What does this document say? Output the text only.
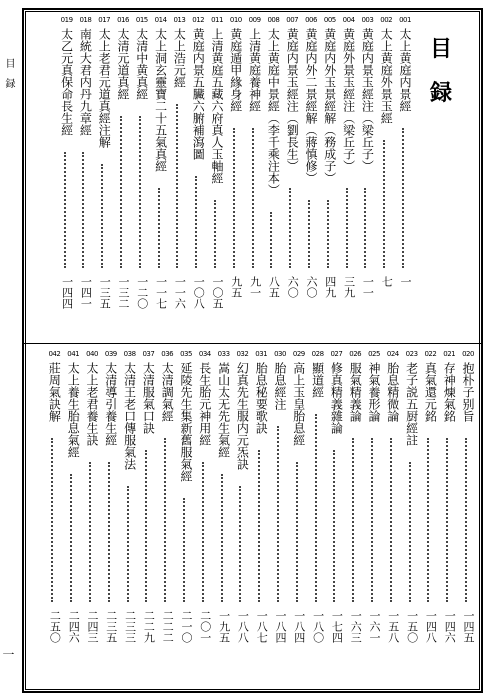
目録
一
目
録
001
太上黄庭内景經
一
002
太上黄庭外景玉經
七
003
黄庭内景玉經注（梁丘子）
一一
004
黄庭外景玉經注（梁丘子）
三九
005
黄庭内外玉景經解（務成子）
四九
006
黄庭内外二景經解（蔣慎修）
六〇
007
黄庭内景玉經注（劉長生）
六〇
008
太上黄庭中景經（李千乘注本）
八五
009
上清黄庭養神經
九一
010
黄庭遁甲緣身經
九五
011
上清黄庭五藏六府真人玉軸經
一〇五
012
黄庭内景五臟六腑補瀉圖
一〇八
013
太上浩元經
一一六
014
太上洞玄靈寶二十五氣真經
一一七
015
太清中黄真經
一二〇
016
太清元道真經
一三二
017
太上老君元道真經注解
一三五
018
南統大君内丹九章經
一四一
019
太乙元真保命長生經
一四四
020
抱朴子别旨
一四五
021
存神煉氣銘
一四六
022
真氣還元銘
一四八
023
老子説五厨經註
一五〇
024
胎息精微論
一五八
025
神氣養形論
一六一
026
服氣精義論
一六三
027
修真精義雜論
一七四
028
顯道經
一八〇
029
高上玉皇胎息經
一八四
030
胎息經注
一八四
031
胎息秘要歌訣
一八七
032
幻真先生服内元炁訣
一八八
033
嵩山太无先生氣經
一九五
034
長生胎元神用經
二〇一
035
延陵先生集新舊服氣經
二一〇
036
太清調氣經
二二二
037
太清服氣口訣
二二九
038
太清王老口傳服氣法
二三三
039
太清導引養生經
二三五
040
太上老君養生訣
二四三
041
太上養生胎息氣經
二四六
042
莊周氣訣解
二五〇
